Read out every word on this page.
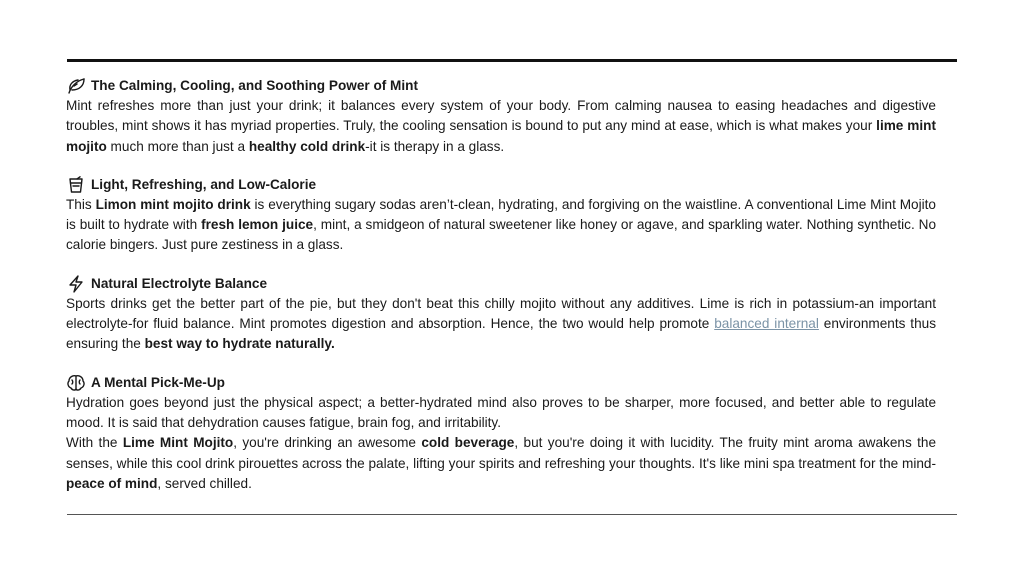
The Calming, Cooling, and Soothing Power of Mint

Mint refreshes more than just your drink; it balances every system of your body. From calming nausea to easing headaches and digestive troubles, mint shows it has myriad properties. Truly, the cooling sensation is bound to put any mind at ease, which is what makes your lime mint mojito much more than just a healthy cold drink-it is therapy in a glass.

Light, Refreshing, and Low-Calorie

This Limon mint mojito drink is everything sugary sodas aren’t-clean, hydrating, and forgiving on the waistline. A conventional Lime Mint Mojito is built to hydrate with fresh lemon juice, mint, a smidgeon of natural sweetener like honey or agave, and sparkling water. Nothing synthetic. No calorie bingers. Just pure zestiness in a glass.

Natural Electrolyte Balance

Sports drinks get the better part of the pie, but they don't beat this chilly mojito without any additives. Lime is rich in potassium-an important electrolyte-for fluid balance. Mint promotes digestion and absorption. Hence, the two would help promote balanced internal environments thus ensuring the best way to hydrate naturally.

A Mental Pick-Me-Up

Hydration goes beyond just the physical aspect; a better-hydrated mind also proves to be sharper, more focused, and better able to regulate mood. It is said that dehydration causes fatigue, brain fog, and irritability.

With the Lime Mint Mojito, you're drinking an awesome cold beverage, but you're doing it with lucidity. The fruity mint aroma awakens the senses, while this cool drink pirouettes across the palate, lifting your spirits and refreshing your thoughts. It's like mini spa treatment for the mind-peace of mind, served chilled.
